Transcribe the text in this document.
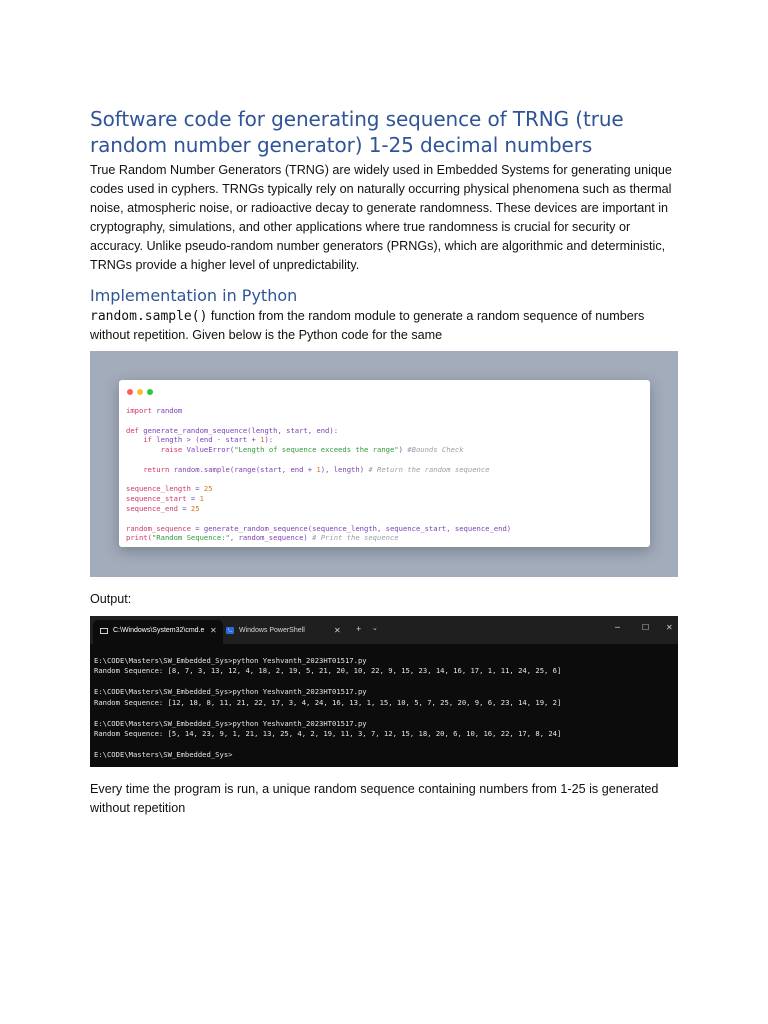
Software code for generating sequence of TRNG (true random number generator) 1-25 decimal numbers

True Random Number Generators (TRNG) are widely used in Embedded Systems for generating unique codes used in cyphers. TRNGs typically rely on naturally occurring physical phenomena such as thermal noise, atmospheric noise, or radioactive decay to generate randomness. These devices are important in cryptography, simulations, and other applications where true randomness is crucial for security or accuracy. Unlike pseudo-random number generators (PRNGs), which are algorithmic and deterministic, TRNGs provide a higher level of unpredictability.

Implementation in Python

random.sample() function from the random module to generate a random sequence of numbers without repetition. Given below is the Python code for the same

import random

def generate_random_sequence(length, start, end):
if length > (end - start + 1):
raise ValueError("Length of sequence exceeds the range") #Bounds Check

return random.sample(range(start, end + 1), length) # Return the random sequence

sequence_length = 25
sequence_start = 1
sequence_end = 25

random_sequence = generate_random_sequence(sequence_length, sequence_start, sequence_end)
print("Random Sequence:", random_sequence) # Print the sequence

Output:

C:\Windows\System32\cmd.e ✕	›_ Windows PowerShell	✕ + ⌄	─	☐ ✕
E:\CODE\Masters\SW_Embedded_Sys>python Yeshvanth_2023HT01517.py
Random Sequence: [8, 7, 3, 13, 12, 4, 18, 2, 19, 5, 21, 20, 10, 22, 9, 15, 23, 14, 16, 17, 1, 11, 24, 25, 6]

E:\CODE\Masters\SW_Embedded_Sys>python Yeshvanth_2023HT01517.py
Random Sequence: [12, 18, 8, 11, 21, 22, 17, 3, 4, 24, 16, 13, 1, 15, 10, 5, 7, 25, 20, 9, 6, 23, 14, 19, 2]

E:\CODE\Masters\SW_Embedded_Sys>python Yeshvanth_2023HT01517.py
Random Sequence: [5, 14, 23, 9, 1, 21, 13, 25, 4, 2, 19, 11, 3, 7, 12, 15, 18, 20, 6, 10, 16, 22, 17, 8, 24]

E:\CODE\Masters\SW_Embedded_Sys>

Every time the program is run, a unique random sequence containing numbers from 1-25 is generated without repetition
